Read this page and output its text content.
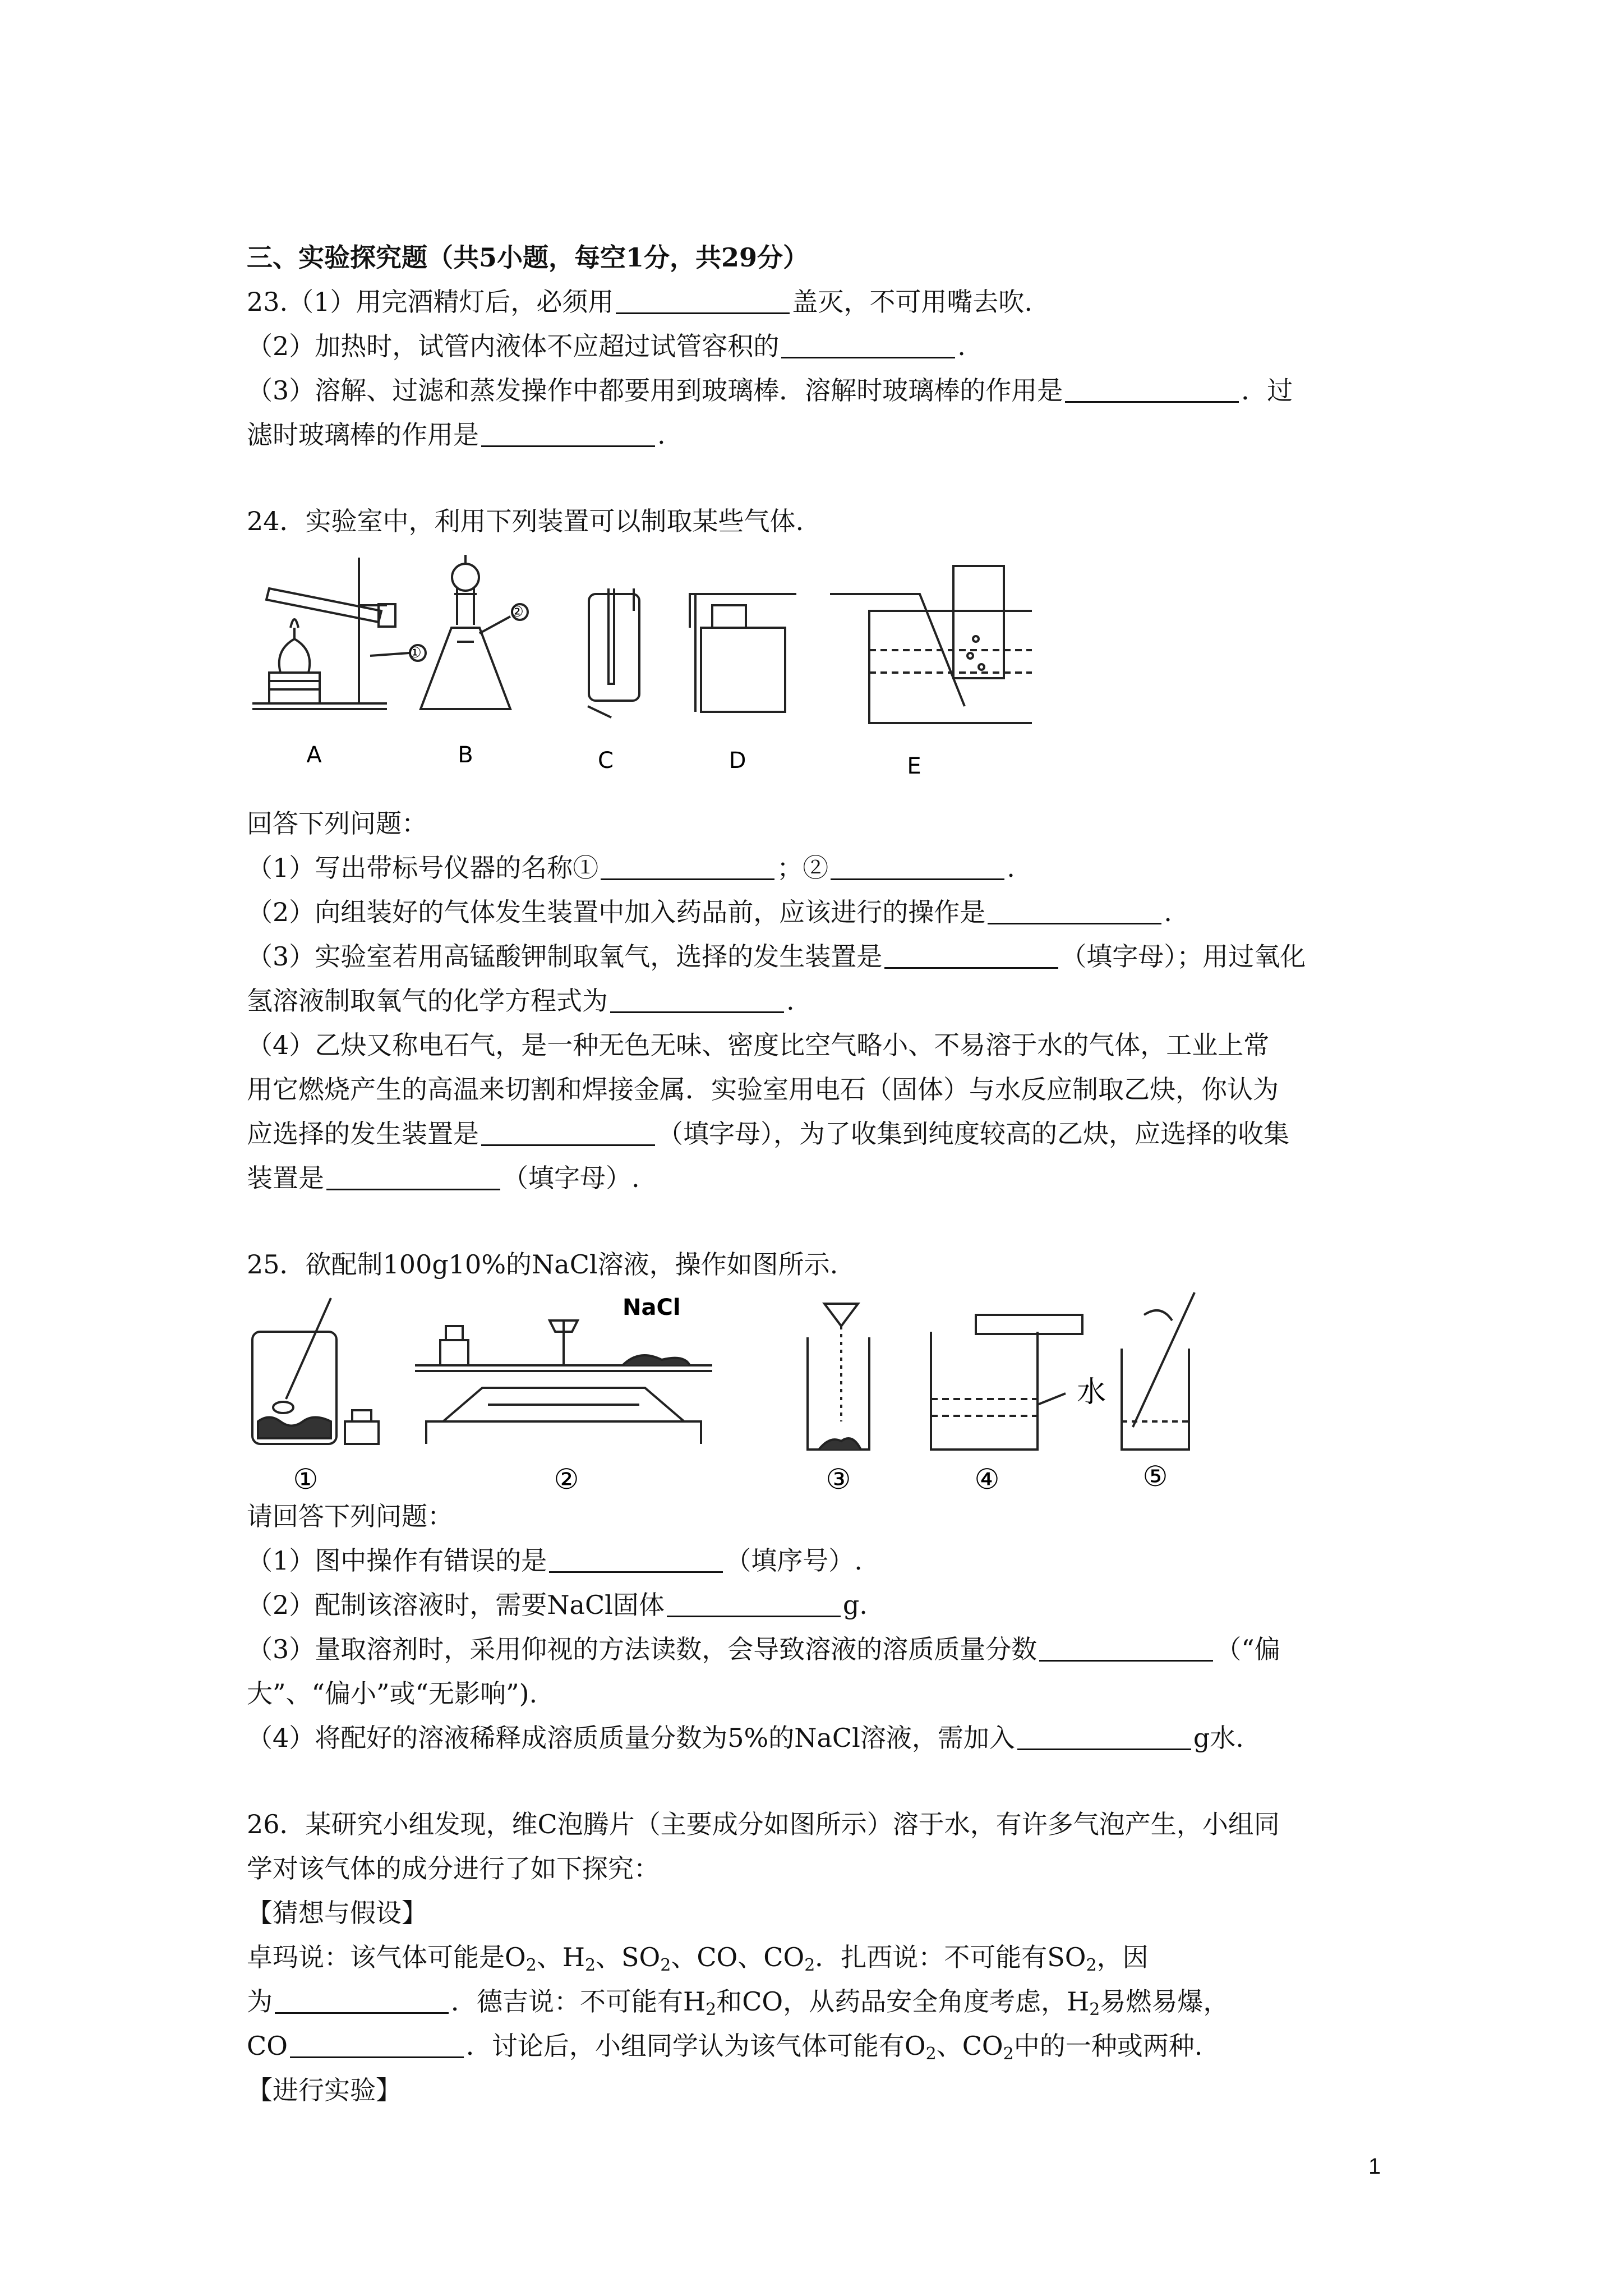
三、实验探究题（共5小题，每空1分，共29分）
23.（1）用完酒精灯后，必须用	盖灭，不可用嘴去吹.
（2）加热时，试管内液体不应超过试管容积的	.
（3）溶解、过滤和蒸发操作中都要用到玻璃棒．溶解时玻璃棒的作用是	．过
滤时玻璃棒的作用是	.
24．实验室中，利用下列装置可以制取某些气体.
①
②
A	B	C	D	E
回答下列问题：
（1）写出带标号仪器的名称①	；②	.
（2）向组装好的气体发生装置中加入药品前，应该进行的操作是	.
（3）实验室若用高锰酸钾制取氧气，选择的发生装置是	（填字母）；用过氧化
氢溶液制取氧气的化学方程式为	.
（4）乙炔又称电石气，是一种无色无味、密度比空气略小、不易溶于水的气体，工业上常
用它燃烧产生的高温来切割和焊接金属．实验室用电石（固体）与水反应制取乙炔，你认为
应选择的发生装置是	（填字母），为了收集到纯度较高的乙炔，应选择的收集
装置是	（填字母）.
25．欲配制100g10%的NaCl溶液，操作如图所示.
NaCl
水
①	②	③	④	⑤
请回答下列问题：
（1）图中操作有错误的是	（填序号）.
（2）配制该溶液时，需要NaCl固体	g.
（3）量取溶剂时，采用仰视的方法读数，会导致溶液的溶质质量分数	（“偏
大”、“偏小”或“无影响”).
（4）将配好的溶液稀释成溶质质量分数为5%的NaCl溶液，需加入	g水.
26．某研究小组发现，维C泡腾片（主要成分如图所示）溶于水，有许多气泡产生，小组同
学对该气体的成分进行了如下探究：
【猜想与假设】
卓玛说：该气体可能是$O_2$、$H_2$、$SO_2$、CO、$CO_2$．扎西说：不可能有$SO_2$，因
为	．德吉说：不可能有$H_2$和CO，从药品安全角度考虑，$H_2$易燃易爆，
CO	．讨论后，小组同学认为该气体可能有$O_2$、$CO_2$中的一种或两种.
【进行实验】
1
